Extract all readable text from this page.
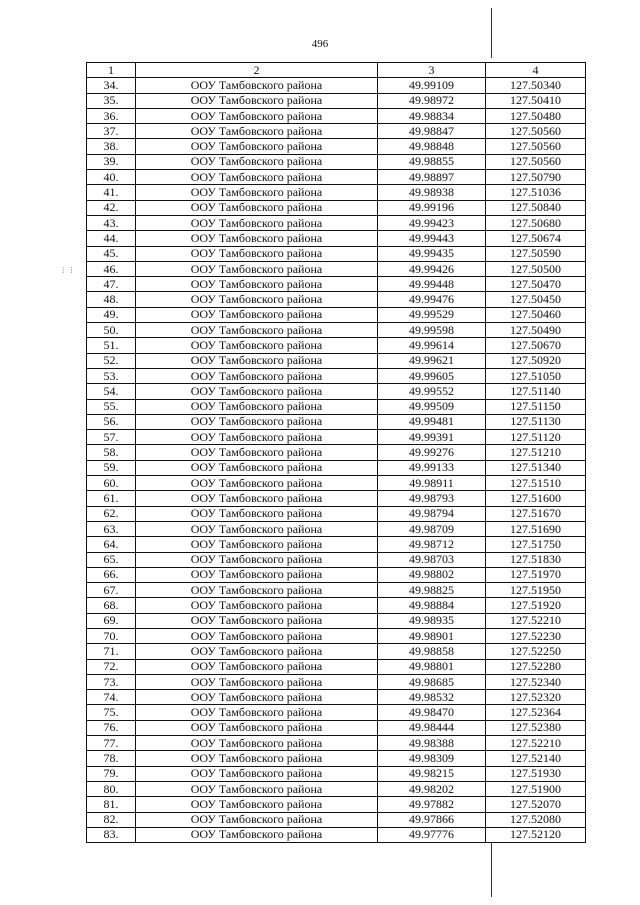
496
⁞ ⁞
1	2	3	4
34.	ООУ Тамбовского района	49.99109	127.50340
35.	ООУ Тамбовского района	49.98972	127.50410
36.	ООУ Тамбовского района	49.98834	127.50480
37.	ООУ Тамбовского района	49.98847	127.50560
38.	ООУ Тамбовского района	49.98848	127.50560
39.	ООУ Тамбовского района	49.98855	127.50560
40.	ООУ Тамбовского района	49.98897	127.50790
41.	ООУ Тамбовского района	49.98938	127.51036
42.	ООУ Тамбовского района	49.99196	127.50840
43.	ООУ Тамбовского района	49.99423	127.50680
44.	ООУ Тамбовского района	49.99443	127.50674
45.	ООУ Тамбовского района	49.99435	127.50590
46.	ООУ Тамбовского района	49.99426	127.50500
47.	ООУ Тамбовского района	49.99448	127.50470
48.	ООУ Тамбовского района	49.99476	127.50450
49.	ООУ Тамбовского района	49.99529	127.50460
50.	ООУ Тамбовского района	49.99598	127.50490
51.	ООУ Тамбовского района	49.99614	127.50670
52.	ООУ Тамбовского района	49.99621	127.50920
53.	ООУ Тамбовского района	49.99605	127.51050
54.	ООУ Тамбовского района	49.99552	127.51140
55.	ООУ Тамбовского района	49.99509	127.51150
56.	ООУ Тамбовского района	49.99481	127.51130
57.	ООУ Тамбовского района	49.99391	127.51120
58.	ООУ Тамбовского района	49.99276	127.51210
59.	ООУ Тамбовского района	49.99133	127.51340
60.	ООУ Тамбовского района	49.98911	127.51510
61.	ООУ Тамбовского района	49.98793	127.51600
62.	ООУ Тамбовского района	49.98794	127.51670
63.	ООУ Тамбовского района	49.98709	127.51690
64.	ООУ Тамбовского района	49.98712	127.51750
65.	ООУ Тамбовского района	49.98703	127.51830
66.	ООУ Тамбовского района	49.98802	127.51970
67.	ООУ Тамбовского района	49.98825	127.51950
68.	ООУ Тамбовского района	49.98884	127.51920
69.	ООУ Тамбовского района	49.98935	127.52210
70.	ООУ Тамбовского района	49.98901	127.52230
71.	ООУ Тамбовского района	49.98858	127.52250
72.	ООУ Тамбовского района	49.98801	127.52280
73.	ООУ Тамбовского района	49.98685	127.52340
74.	ООУ Тамбовского района	49.98532	127.52320
75.	ООУ Тамбовского района	49.98470	127.52364
76.	ООУ Тамбовского района	49.98444	127.52380
77.	ООУ Тамбовского района	49.98388	127.52210
78.	ООУ Тамбовского района	49.98309	127.52140
79.	ООУ Тамбовского района	49.98215	127.51930
80.	ООУ Тамбовского района	49.98202	127.51900
81.	ООУ Тамбовского района	49.97882	127.52070
82.	ООУ Тамбовского района	49.97866	127.52080
83.	ООУ Тамбовского района	49.97776	127.52120
